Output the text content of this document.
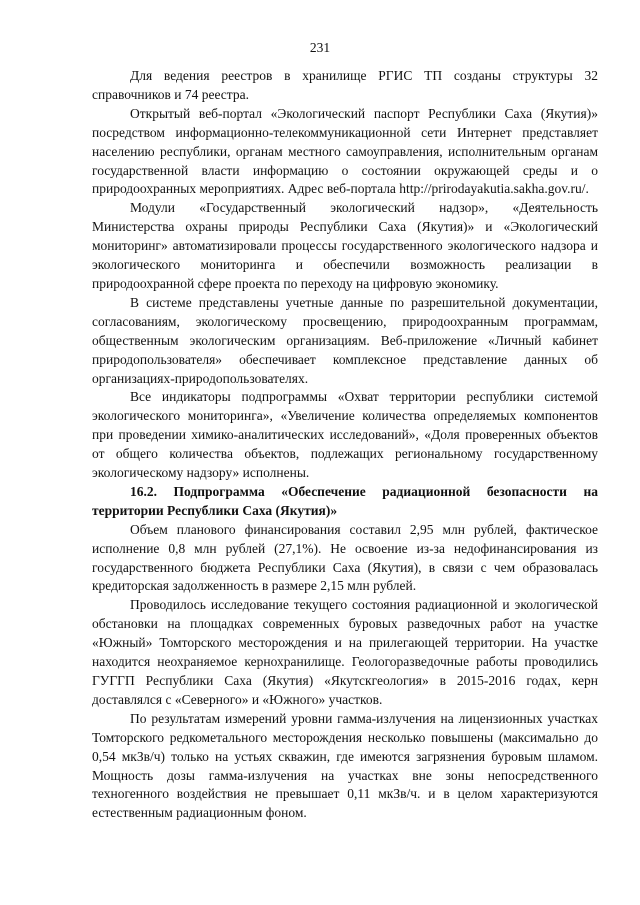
231

Для ведения реестров в хранилище РГИС ТП созданы структуры 32 справочников и 74 реестра.

Открытый веб-портал «Экологический паспорт Республики Саха (Якутия)» посредством информационно-телекоммуникационной сети Интернет представляет населению республики, органам местного самоуправления, исполнительным органам государственной власти информацию о состоянии окружающей среды и о природоохранных мероприятиях. Адрес веб-портала http://prirodayakutia.sakha.gov.ru/.

Модули «Государственный экологический надзор», «Деятельность Министерства охраны природы Республики Саха (Якутия)» и «Экологический мониторинг» автоматизировали процессы государственного экологического надзора и экологического мониторинга и обеспечили возможность реализации в природоохранной сфере проекта по переходу на цифровую экономику.

В системе представлены учетные данные по разрешительной документации, согласованиям, экологическому просвещению, природоохранным программам, общественным экологическим организациям. Веб-приложение «Личный кабинет природопользователя» обеспечивает комплексное представление данных об организациях-природопользователях.

Все индикаторы подпрограммы «Охват территории республики системой экологического мониторинга», «Увеличение количества определяемых компонентов при проведении химико-аналитических исследований», «Доля проверенных объектов от общего количества объектов, подлежащих региональному государственному экологическому надзору» исполнены.

16.2. Подпрограмма «Обеспечение радиационной безопасности на территории Республики Саха (Якутия)»

Объем планового финансирования составил 2,95 млн рублей, фактическое исполнение 0,8 млн рублей (27,1%). Не освоение из-за недофинансирования из государственного бюджета Республики Саха (Якутия), в связи с чем образовалась кредиторская задолженность в размере 2,15 млн рублей.

Проводилось исследование текущего состояния радиационной и экологической обстановки на площадках современных буровых разведочных работ на участке «Южный» Томторского месторождения и на прилегающей территории. На участке находится неохраняемое кернохранилище. Геологоразведочные работы проводились ГУГГП Республики Саха (Якутия) «Якутскгеология» в 2015-2016 годах, керн доставлялся с «Северного» и «Южного» участков.

По результатам измерений уровни гамма-излучения на лицензионных участках Томторского редкометального месторождения несколько повышены (максимально до 0,54 мкЗв/ч) только на устьях скважин, где имеются загрязнения буровым шламом. Мощность дозы гамма-излучения на участках вне зоны непосредственного техногенного воздействия не превышает 0,11 мкЗв/ч. и в целом характеризуются естественным радиационным фоном.
